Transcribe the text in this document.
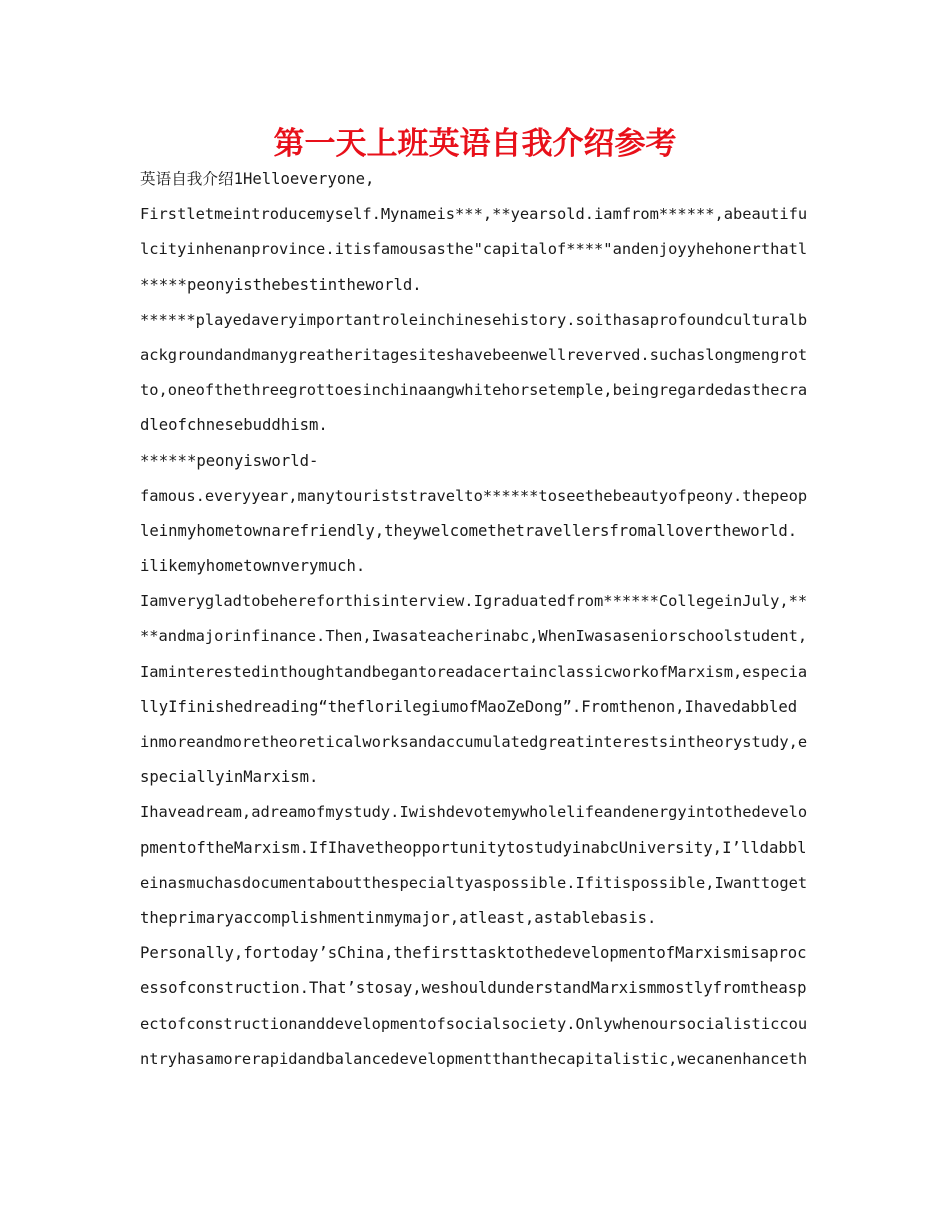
第一天上班英语自我介绍参考
英语自我介绍1Helloeveryone,
Firstletmeintroducemyself.Mynameis***,**yearsold.iamfrom******,abeautifu
lcityinhenanprovince.itisfamousasthe"capitalof****"andenjoyyhehonerthatl
*****peonyisthebestintheworld.
******playedaveryimportantroleinchinesehistory.soithasaprofoundculturalb
ackgroundandmanygreatheritagesiteshavebeenwellreverved.suchaslongmengrot
to,oneofthethreegrottoesinchinaangwhitehorsetemple,beingregardedasthecra
dleofchnesebuddhism.
******peonyisworld-
famous.everyyear,manytouriststravelto******toseethebeautyofpeony.thepeop
leinmyhometownarefriendly,theywelcomethetravellersfromallovertheworld.
ilikemyhometownverymuch.
Iamverygladtobehereforthisinterview.Igraduatedfrom******CollegeinJuly,**
**andmajorinfinance.Then,Iwasateacherinabc,WhenIwasaseniorschoolstudent,
IaminterestedinthoughtandbegantoreadacertainclassicworkofMarxism,especia
llyIfinishedreading“theflorilegiumofMaoZeDong”.Fromthenon,Ihavedabbled
inmoreandmoretheoreticalworksandaccumulatedgreatinterestsintheorystudy,e
speciallyinMarxism.
Ihaveadream,adreamofmystudy.Iwishdevotemywholelifeandenergyintothedevelo
pmentoftheMarxism.IfIhavetheopportunitytostudyinabcUniversity,I’lldabbl
einasmuchasdocumentaboutthespecialtyaspossible.Ifitispossible,Iwanttoget
theprimaryaccomplishmentinmymajor,atleast,astablebasis.
Personally,fortoday’sChina,thefirsttasktothedevelopmentofMarxismisaproc
essofconstruction.That’stosay,weshouldunderstandMarxismmostlyfromtheasp
ectofconstructionanddevelopmentofsocialsociety.Onlywhenoursocialisticcou
ntryhasamorerapidandbalancedevelopmentthanthecapitalistic,wecanenhanceth
